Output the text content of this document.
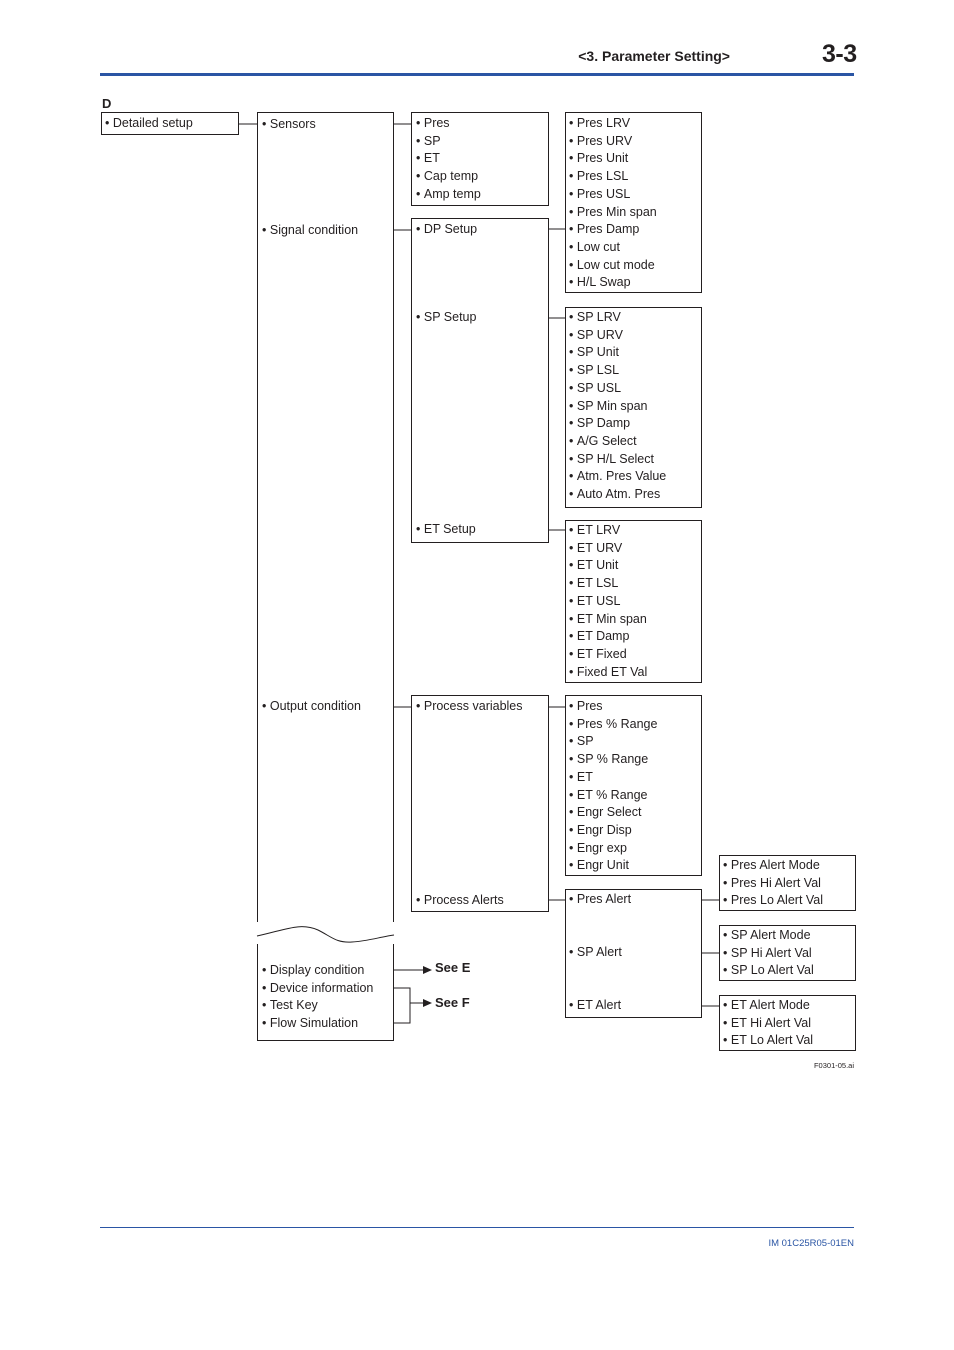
<3. Parameter Setting>	3-3
D
• Detailed setup
•	Sensors
• Signal condition
• Output condition
• Display condition
• Device information
• Test Key
• Flow Simulation
• Pres
• SP
• ET
• Cap temp
• Amp temp
• DP Setup
• SP Setup
• ET Setup
• Pres LRV
• Pres URV
• Pres Unit
• Pres LSL
• Pres USL
• Pres Min span
• Pres Damp
• Low cut
• Low cut mode
• H/L Swap
• SP LRV
• SP URV
• SP Unit
• SP LSL
• SP USL
• SP Min span
• SP Damp
• A/G Select
• SP H/L Select
• Atm. Pres Value
• Auto Atm. Pres
• ET LRV
• ET URV
• ET Unit
• ET LSL
• ET USL
• ET Min span
• ET Damp
• ET Fixed
• Fixed ET Val
• Process variables
• Process Alerts
• Pres
• Pres % Range
• SP
• SP % Range
• ET
• ET % Range
• Engr Select
• Engr Disp
• Engr exp
• Engr Unit
• Pres Alert
• SP Alert
• ET Alert
• Pres Alert Mode
• Pres Hi Alert Val
• Pres Lo Alert Val
• SP Alert Mode
• SP Hi Alert Val
• SP Lo Alert Val
• ET Alert Mode
• ET Hi Alert Val
• ET Lo Alert Val
See E
See F
F0301-05.ai
IM 01C25R05-01EN
